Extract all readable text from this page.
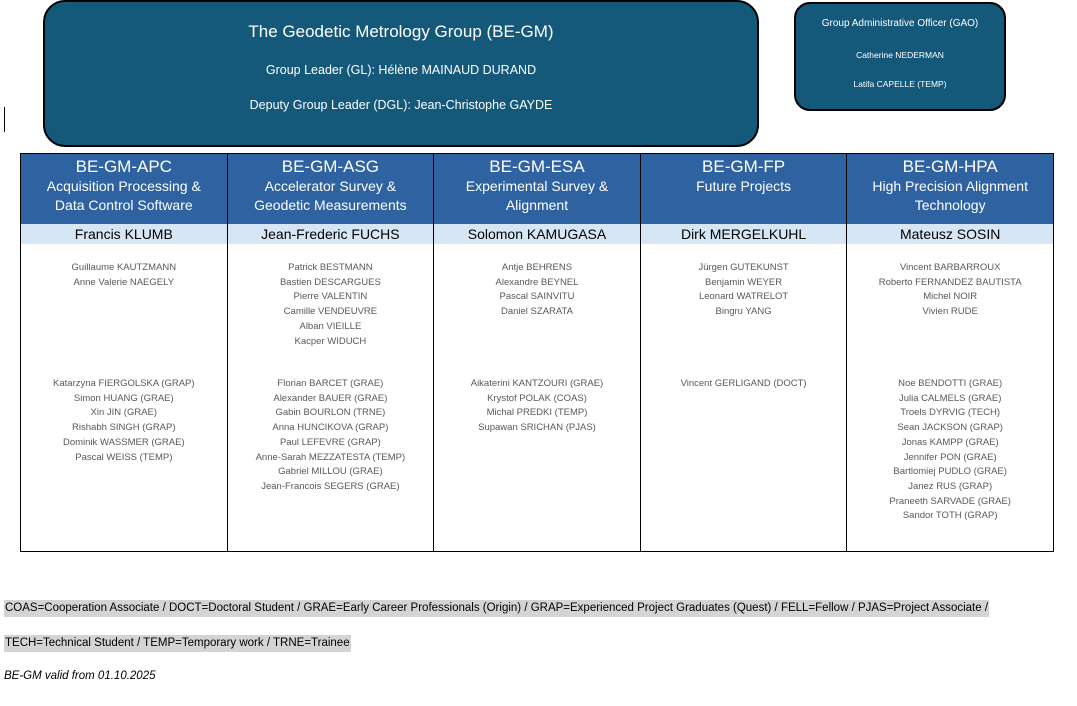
The Geodetic Metrology Group (BE-GM)
Group Leader (GL): Hélène MAINAUD DURAND
Deputy Group Leader (DGL): Jean-Christophe GAYDE
Group Administrative Officer (GAO)
Catherine NEDERMAN
Latifa CAPELLE (TEMP)
BE-GM-APC
Acquisition Processing &
Data Control Software
Francis KLUMB
Guillaume KAUTZMANN
Anne Valerie NAEGELY
Katarzyna FIERGOLSKA (GRAP)
Simon HUANG (GRAE)
Xin JIN (GRAE)
Rishabh SINGH (GRAP)
Dominik WASSMER (GRAE)
Pascal WEISS (TEMP)
BE-GM-ASG
Accelerator Survey &
Geodetic Measurements
Jean-Frederic FUCHS
Patrick BESTMANN
Bastien DESCARGUES
Pierre VALENTIN
Camille VENDEUVRE
Alban VIEILLE
Kacper WIDUCH
Florian BARCET (GRAE)
Alexander BAUER (GRAE)
Gabin BOURLON (TRNE)
Anna HUNCIKOVA (GRAP)
Paul LEFEVRE (GRAP)
Anne-Sarah MEZZATESTA (TEMP)
Gabriel MILLOU (GRAE)
Jean-Francois SEGERS (GRAE)
BE-GM-ESA
Experimental Survey &
Alignment
Solomon KAMUGASA
Antje BEHRENS
Alexandre BEYNEL
Pascal SAINVITU
Daniel SZARATA
Aikaterini KANTZOURI (GRAE)
Krystof POLAK (COAS)
Michal PREDKI (TEMP)
Supawan SRICHAN (PJAS)
BE-GM-FP
Future Projects
Dirk MERGELKUHL
Jürgen GUTEKUNST
Benjamin WEYER
Leonard WATRELOT
Bingru YANG
Vincent GERLIGAND (DOCT)
BE-GM-HPA
High Precision Alignment
Technology
Mateusz SOSIN
Vincent BARBARROUX
Roberto FERNANDEZ BAUTISTA
Michel NOIR
Vivien RUDE
Noe BENDOTTI (GRAE)
Julia CALMELS (GRAE)
Troels DYRVIG (TECH)
Sean JACKSON (GRAP)
Jonas KAMPP (GRAE)
Jennifer PON (GRAE)
Bartlomiej PUDLO (GRAE)
Janez RUS (GRAP)
Praneeth SARVADE (GRAE)
Sandor TOTH (GRAP)
COAS=Cooperation Associate / DOCT=Doctoral Student / GRAE=Early Career Professionals (Origin) / GRAP=Experienced Project Graduates (Quest) / FELL=Fellow / PJAS=Project Associate /
TECH=Technical Student / TEMP=Temporary work / TRNE=Trainee
BE-GM valid from 01.10.2025
